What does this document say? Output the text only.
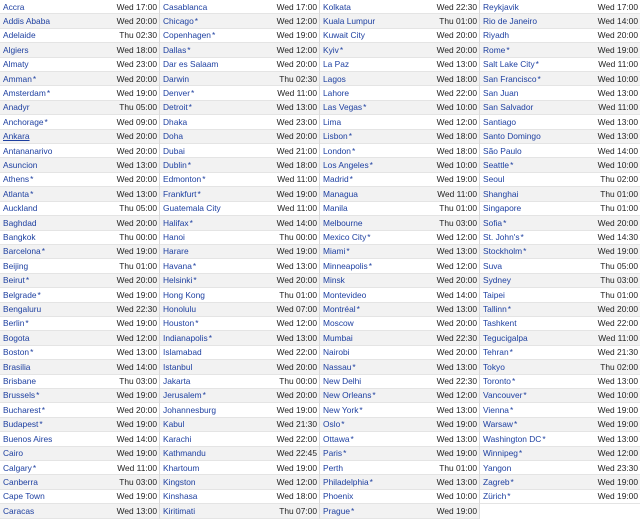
Accra	Wed 17:00
Addis Ababa	Wed 20:00
Adelaide	Thu 02:30
Algiers	Wed 18:00
Almaty	Wed 23:00
Amman*	Wed 20:00
Amsterdam*	Wed 19:00
Anadyr	Thu 05:00
Anchorage*	Wed 09:00
Ankara	Wed 20:00
Antananarivo	Wed 20:00
Asuncion	Wed 13:00
Athens*	Wed 20:00
Atlanta*	Wed 13:00
Auckland	Thu 05:00
Baghdad	Wed 20:00
Bangkok	Thu 00:00
Barcelona*	Wed 19:00
Beijing	Thu 01:00
Beirut*	Wed 20:00
Belgrade*	Wed 19:00
Bengaluru	Wed 22:30
Berlin*	Wed 19:00
Bogota	Wed 12:00
Boston*	Wed 13:00
Brasilia	Wed 14:00
Brisbane	Thu 03:00
Brussels*	Wed 19:00
Bucharest*	Wed 20:00
Budapest*	Wed 19:00
Buenos Aires	Wed 14:00
Cairo	Wed 19:00
Calgary*	Wed 11:00
Canberra	Thu 03:00
Cape Town	Wed 19:00
Caracas	Wed 13:00
Casablanca	Wed 17:00
Chicago*	Wed 12:00
Copenhagen*	Wed 19:00
Dallas*	Wed 12:00
Dar es Salaam	Wed 20:00
Darwin	Thu 02:30
Denver*	Wed 11:00
Detroit*	Wed 13:00
Dhaka	Wed 23:00
Doha	Wed 20:00
Dubai	Wed 21:00
Dublin*	Wed 18:00
Edmonton*	Wed 11:00
Frankfurt*	Wed 19:00
Guatemala City	Wed 11:00
Halifax*	Wed 14:00
Hanoi	Thu 00:00
Harare	Wed 19:00
Havana*	Wed 13:00
Helsinki*	Wed 20:00
Hong Kong	Thu 01:00
Honolulu	Wed 07:00
Houston*	Wed 12:00
Indianapolis*	Wed 13:00
Islamabad	Wed 22:00
Istanbul	Wed 20:00
Jakarta	Thu 00:00
Jerusalem*	Wed 20:00
Johannesburg	Wed 19:00
Kabul	Wed 21:30
Karachi	Wed 22:00
Kathmandu	Wed 22:45
Khartoum	Wed 19:00
Kingston	Wed 12:00
Kinshasa	Wed 18:00
Kiritimati	Thu 07:00
Kolkata	Wed 22:30
Kuala Lumpur	Thu 01:00
Kuwait City	Wed 20:00
Kyiv*	Wed 20:00
La Paz	Wed 13:00
Lagos	Wed 18:00
Lahore	Wed 22:00
Las Vegas*	Wed 10:00
Lima	Wed 12:00
Lisbon*	Wed 18:00
London*	Wed 18:00
Los Angeles*	Wed 10:00
Madrid*	Wed 19:00
Managua	Wed 11:00
Manila	Thu 01:00
Melbourne	Thu 03:00
Mexico City*	Wed 12:00
Miami*	Wed 13:00
Minneapolis*	Wed 12:00
Minsk	Wed 20:00
Montevideo	Wed 14:00
Montréal*	Wed 13:00
Moscow	Wed 20:00
Mumbai	Wed 22:30
Nairobi	Wed 20:00
Nassau*	Wed 13:00
New Delhi	Wed 22:30
New Orleans*	Wed 12:00
New York*	Wed 13:00
Oslo*	Wed 19:00
Ottawa*	Wed 13:00
Paris*	Wed 19:00
Perth	Thu 01:00
Philadelphia*	Wed 13:00
Phoenix	Wed 10:00
Prague*	Wed 19:00
Reykjavik	Wed 17:00
Rio de Janeiro	Wed 14:00
Riyadh	Wed 20:00
Rome*	Wed 19:00
Salt Lake City*	Wed 11:00
San Francisco*	Wed 10:00
San Juan	Wed 13:00
San Salvador	Wed 11:00
Santiago	Wed 13:00
Santo Domingo	Wed 13:00
São Paulo	Wed 14:00
Seattle*	Wed 10:00
Seoul	Thu 02:00
Shanghai	Thu 01:00
Singapore	Thu 01:00
Sofia*	Wed 20:00
St. John's*	Wed 14:30
Stockholm*	Wed 19:00
Suva	Thu 05:00
Sydney	Thu 03:00
Taipei	Thu 01:00
Tallinn*	Wed 20:00
Tashkent	Wed 22:00
Tegucigalpa	Wed 11:00
Tehran*	Wed 21:30
Tokyo	Thu 02:00
Toronto*	Wed 13:00
Vancouver*	Wed 10:00
Vienna*	Wed 19:00
Warsaw*	Wed 19:00
Washington DC*	Wed 13:00
Winnipeg*	Wed 12:00
Yangon	Wed 23:30
Zagreb*	Wed 19:00
Zürich*	Wed 19:00
